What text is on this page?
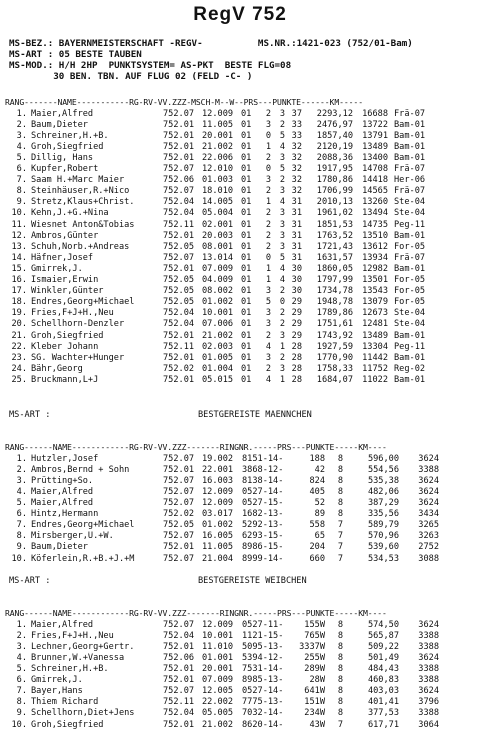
RegV 752
MS-BEZ.: BAYERNMEISTERSCHAFT -REGV-          MS.NR.:1421-023 (752/01-Bam)
MS-ART : 05 BESTE TAUBEN
MS-MOD.: H/H 2HP  PUNKTSYSTEM= AS-PKT  BESTE FLG=08
30 BEN. TBN. AUF FLUG 02 (FELD -C- )
RANG-------NAME-----------RG-RV-VV.ZZZ-MSCH-M--W--PRS---PUNKTE------KM-----
1. Maier,Alfred	752.07 12.009 01	2	3 37	2293,12	16688 Frä-07
2. Baum,Dieter	752.01 11.005 01	3	2 33	2476,97	13722 Bam-01
3. Schreiner,H.+B.	752.01 20.001 01	0	5 33	1857,40	13791 Bam-01
4. Groh,Siegfried	752.01 21.002 01	1	4 32	2120,19	13489 Bam-01
5. Dillig, Hans	752.01 22.006 01	2	3 32	2088,36	13400 Bam-01
6. Kupfer,Robert	752.07 12.010 01	0	5 32	1917,95	14708 Frä-07
7. Saam H.+Marc Maier	752.06 01.003 01	3	2 32	1780,86	14418 Her-06
8. Steinhäuser,R.+Nico	752.07 18.010 01	2	3 32	1706,99	14565 Frä-07
9. Stretz,Klaus+Christ.	752.04 14.005 01	1	4 31	2010,13	13260 Ste-04
10. Kehn,J.+G.+Nina	752.04 05.004 01	2	3 31	1961,02	13494 Ste-04
11. Wiesnet Anton&Tobias	752.11 02.001 01	2	3 31	1851,53	14735 Peg-11
12. Ambros,Günter	752.01 20.003 01	2	3 31	1763,52	13510 Bam-01
13. Schuh,Norb.+Andreas	752.05 08.001 01	2	3 31	1721,43	13612 For-05
14. Häfner,Josef	752.07 13.014 01	0	5 31	1631,57	13934 Frä-07
15. Gmirrek,J.	752.01 07.009 01	1	4 30	1860,05	12982 Bam-01
16. Ismaier,Erwin	752.05 04.009 01	1	4 30	1797,99	13501 For-05
17. Winkler,Günter	752.05 08.002 01	3	2 30	1734,78	13543 For-05
18. Endres,Georg+Michael	752.05 01.002 01	5	0 29	1948,78	13079 For-05
19. Fries,F+J+H.,Neu	752.04 10.001 01	3	2 29	1789,86	12673 Ste-04
20. Schellhorn-Denzler	752.04 07.006 01	3	2 29	1751,61	12481 Ste-04
21. Groh,Siegfried	752.01 21.002 01	2	3 29	1743,92	13489 Bam-01
22. Kleber Johann	752.11 02.003 01	4	1 28	1927,59	13304 Peg-11
23. SG. Wachter+Hunger	752.01 01.005 01	3	2 28	1770,90	11442 Bam-01
24. Bähr,Georg	752.02 01.004 01	2	3 28	1758,33	11752 Reg-02
25. Bruckmann,L+J	752.01 05.015 01	4	1 28	1684,07	11022 Bam-01
MS-ART :	BESTGEREISTE MAENNCHEN
RANG------NAME------------RG-RV-VV.ZZZ-------RINGNR.-----PRS---PUNKTE-----KM----
1. Hutzler,Josef	752.07 19.002 8151-14-	188	8	596,00	3624
2. Ambros,Bernd + Sohn	752.01 22.001 3868-12-	42	8	554,56	3388
3. Prütting+So.	752.07 16.003 8138-14-	824	8	535,38	3624
4. Maier,Alfred	752.07 12.009 0527-14-	405	8	482,06	3624
5. Maier,Alfred	752.07 12.009 0527-15-	52	8	387,29	3624
6. Hintz,Hermann	752.02 03.017 1682-13-	89	8	335,56	3434
7. Endres,Georg+Michael	752.05 01.002 5292-13-	558	7	589,79	3265
8. Mirsberger,U.+W.	752.07 16.005 6293-15-	65	7	570,96	3263
9. Baum,Dieter	752.01 11.005 8986-15-	204	7	539,60	2752
10. Köferlein,R.+B.+J.+M	752.07 21.004 8999-14-	660	7	534,53	3088
MS-ART :	BESTGEREISTE WEIBCHEN
RANG------NAME------------RG-RV-VV.ZZZ-------RINGNR.-----PRS---PUNKTE-----KM----
1. Maier,Alfred	752.07 12.009 0527-11-	155W	8	574,50	3624
2. Fries,F+J+H.,Neu	752.04 10.001 1121-15-	765W	8	565,87	3388
3. Lechner,Georg+Gertr.	752.01 11.010 5095-13-	3337W	8	509,22	3388
4. Brunner,W.+Vanessa	752.06 01.001 5394-12-	255W	8	501,49	3624
5. Schreiner,H.+B.	752.01 20.001 7531-14-	289W	8	484,43	3388
6. Gmirrek,J.	752.01 07.009 8985-13-	28W	8	460,83	3388
7. Bayer,Hans	752.07 12.005 0527-14-	641W	8	403,03	3624
8. Thiem Richard	752.11 22.002 7775-13-	151W	8	401,41	3796
9. Schellhorn,Diet+Jens	752.04 05.005 7032-14-	234W	8	377,53	3388
10. Groh,Siegfried	752.01 21.002 8620-14-	43W	7	617,71	3064
